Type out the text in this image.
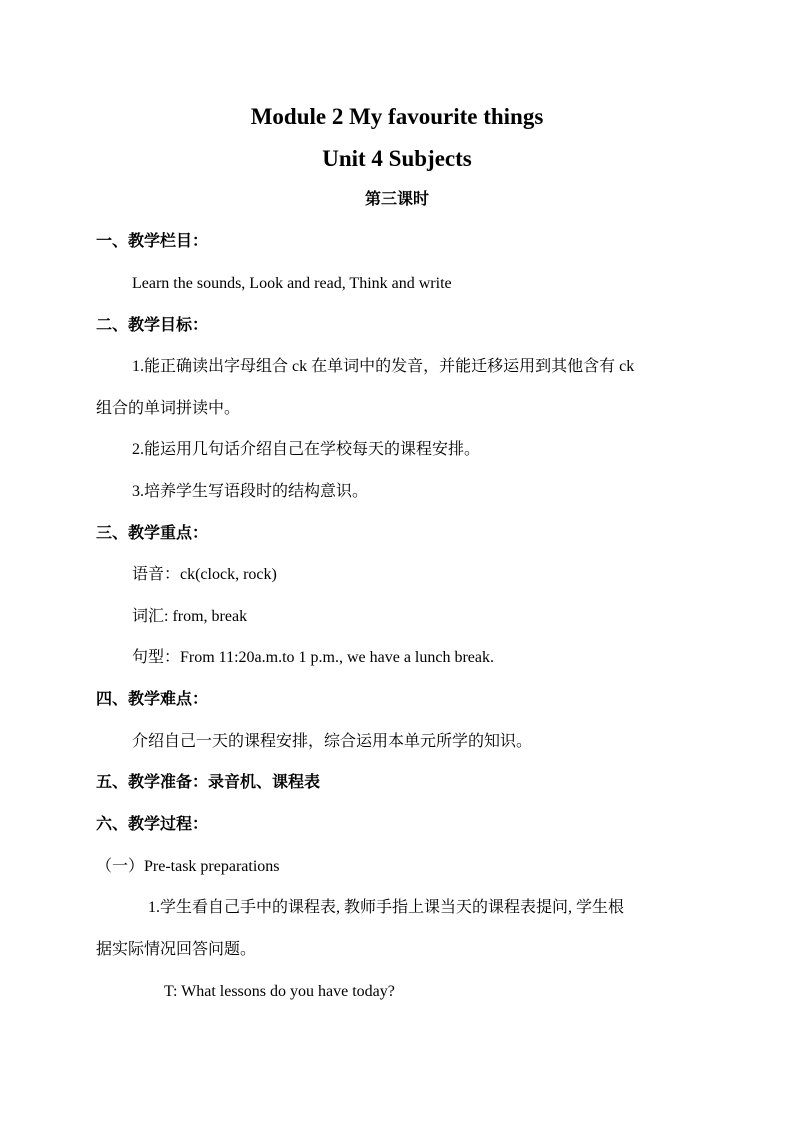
Module 2 My favourite things
Unit 4 Subjects
第三课时
一、教学栏目：
Learn the sounds, Look and read, Think and write
二、教学目标：
1.能正确读出字母组合 ck 在单词中的发音，并能迁移运用到其他含有 ck
组合的单词拼读中。
2.能运用几句话介绍自己在学校每天的课程安排。
3.培养学生写语段时的结构意识。
三、教学重点：
语音：ck(clock, rock)
词汇: from, break
句型：From 11:20a.m.to 1 p.m., we have a lunch break.
四、教学难点：
介绍自己一天的课程安排，综合运用本单元所学的知识。
五、教学准备：录音机、课程表
六、教学过程：
（一）Pre-task preparations
1.学生看自己手中的课程表, 教师手指上课当天的课程表提问, 学生根
据实际情况回答问题。
T: What lessons do you have today?
